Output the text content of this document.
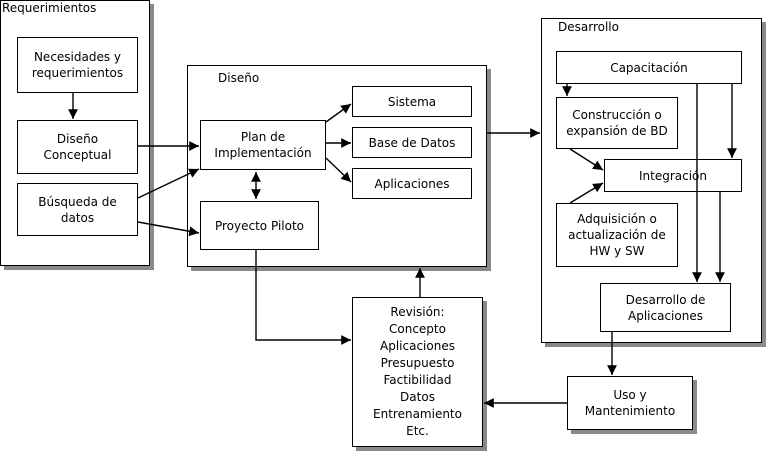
Requerimientos
Diseño
Desarrollo
Necesidades y
requerimientos
Diseño
Conceptual
Búsqueda de
datos
Plan de
Implementación
Proyecto Piloto
Sistema
Base de Datos
Aplicaciones
Capacitación
Construcción o
expansión de BD
Integración
Adquisición o
actualización de
HW y SW
Desarrollo de
Aplicaciones
Uso y
Mantenimiento
Revisión:
Concepto
Aplicaciones
Presupuesto
Factibilidad
Datos
Entrenamiento
Etc.
